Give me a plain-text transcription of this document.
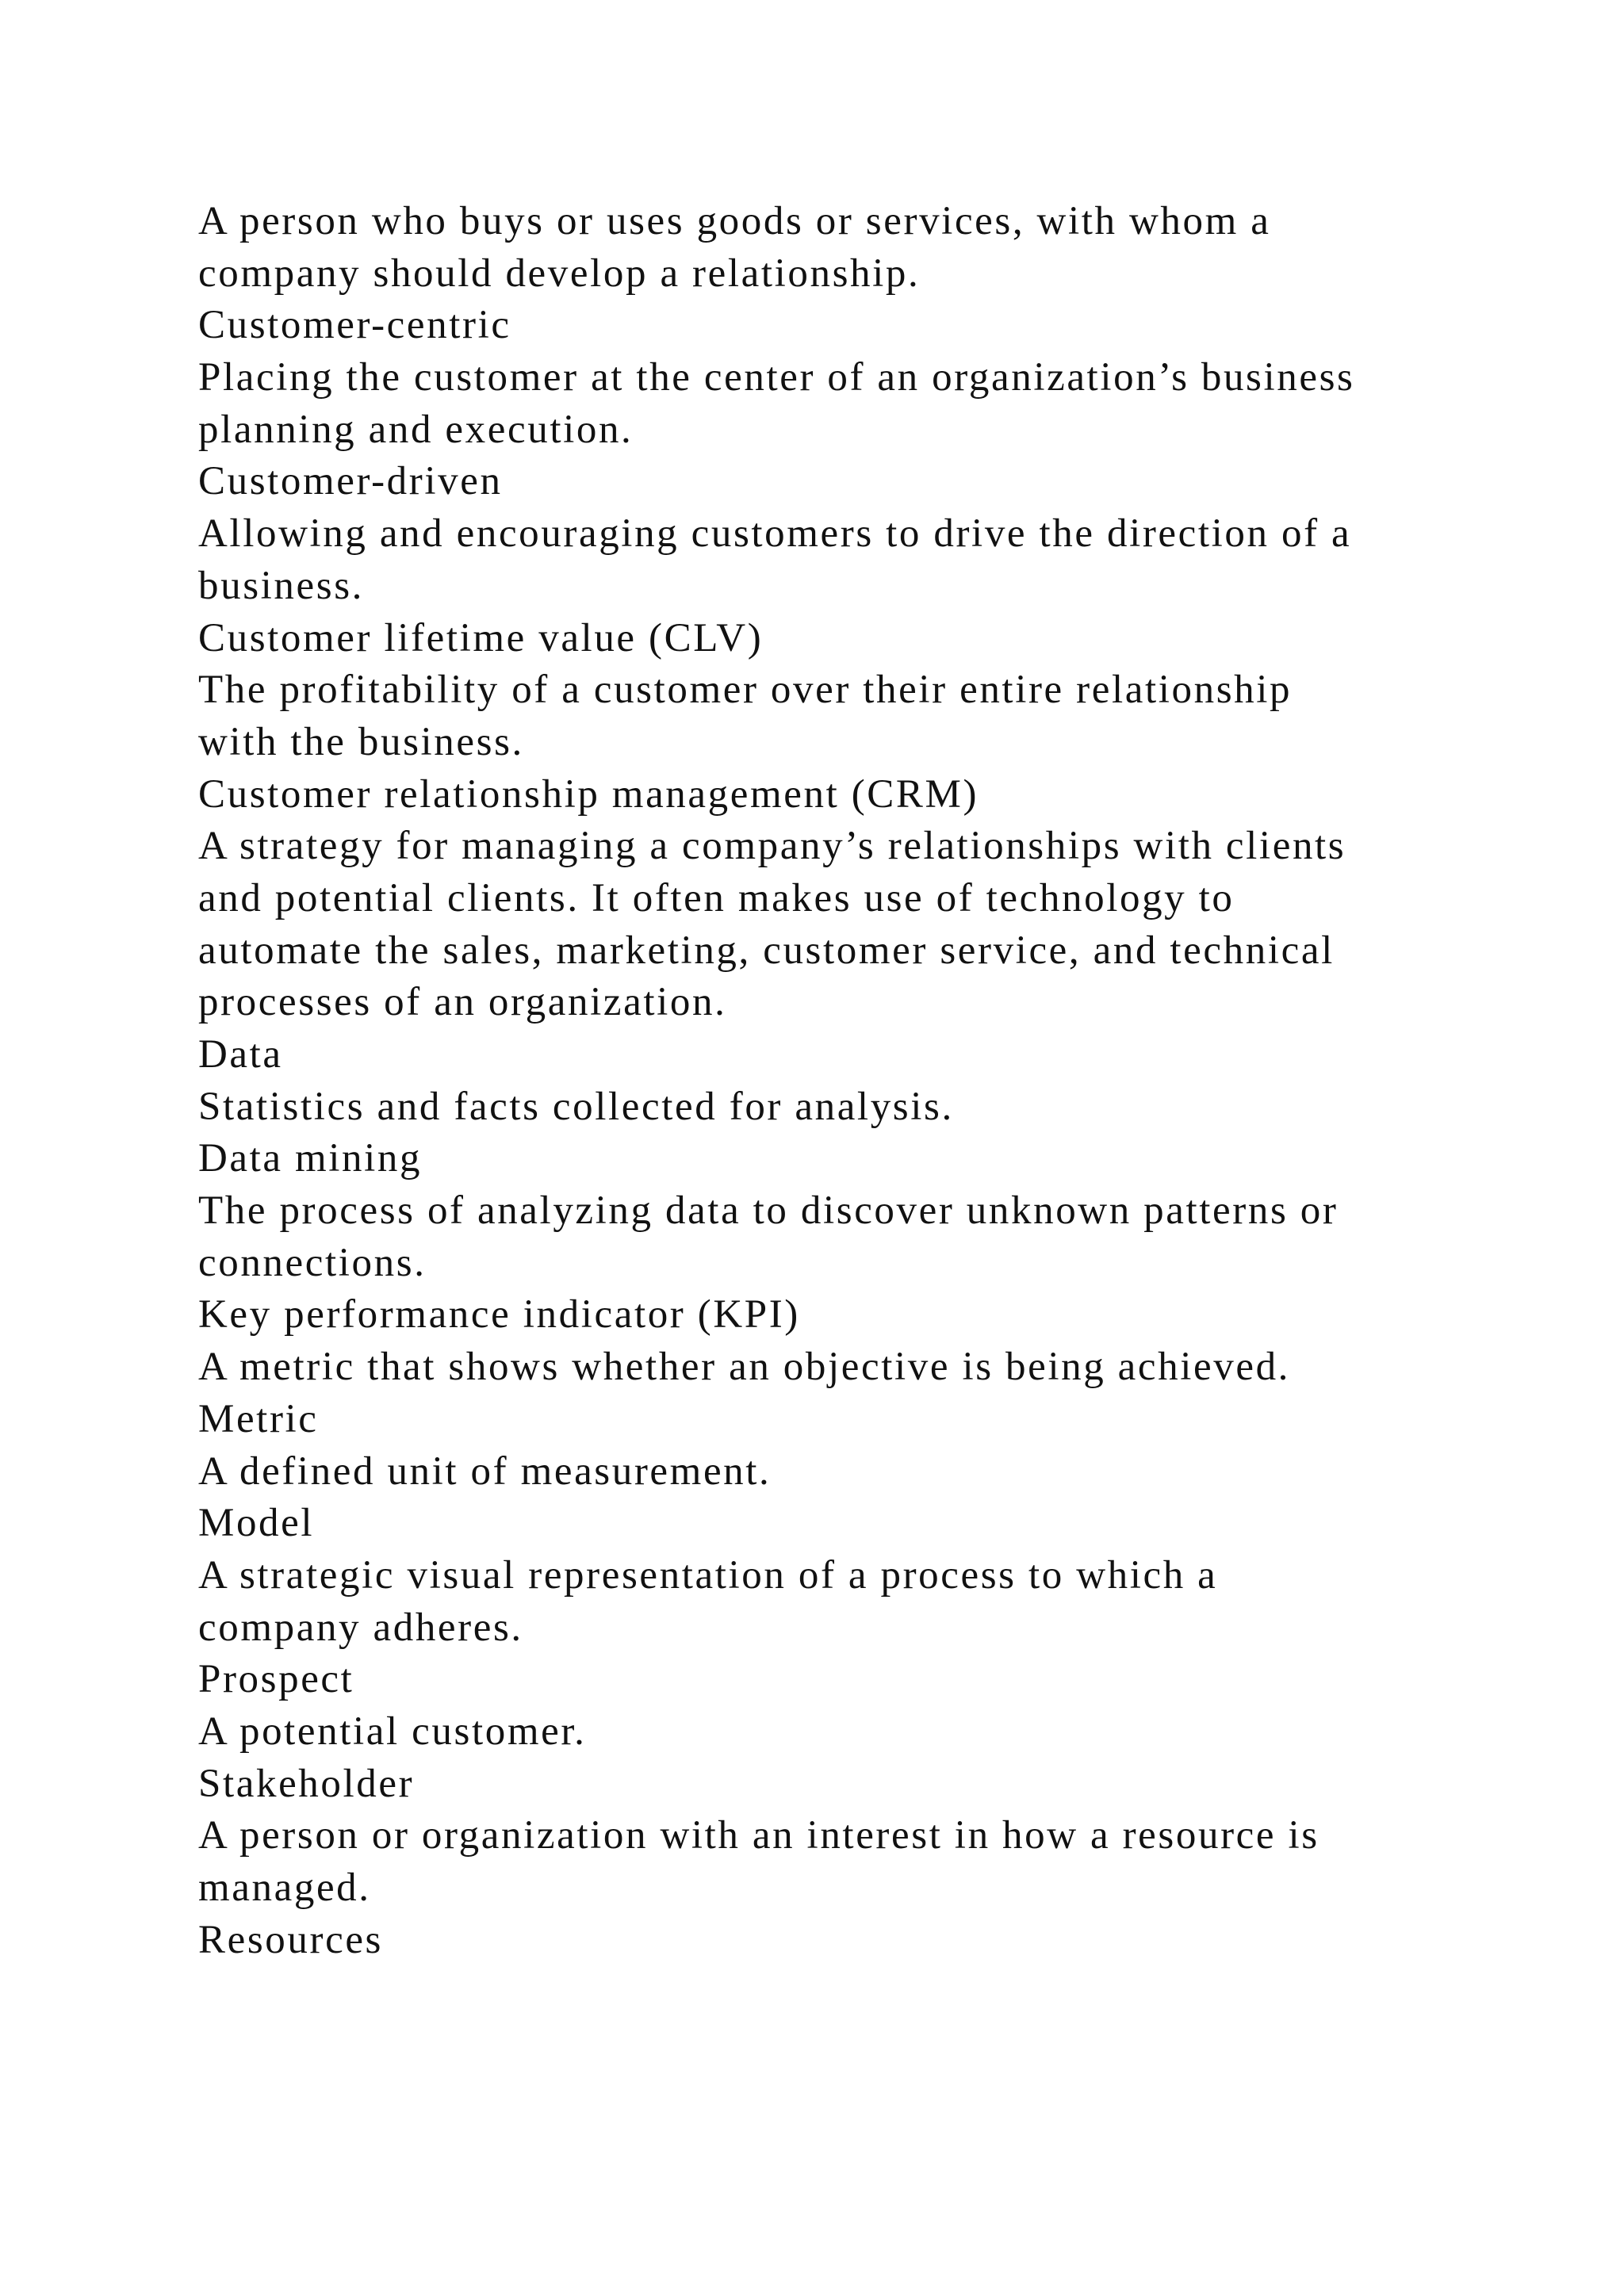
A person who buys or uses goods or services, with whom a
company should develop a relationship.
Customer-centric
Placing the customer at the center of an organization’s business
planning and execution.
Customer-driven
Allowing and encouraging customers to drive the direction of a
business.
Customer lifetime value (CLV)
The profitability of a customer over their entire relationship
with the business.
Customer relationship management (CRM)
A strategy for managing a company’s relationships with clients
and potential clients. It often makes use of technology to
automate the sales, marketing, customer service, and technical
processes of an organization.
Data
Statistics and facts collected for analysis.
Data mining
The process of analyzing data to discover unknown patterns or
connections.
Key performance indicator (KPI)
A metric that shows whether an objective is being achieved.
Metric
A defined unit of measurement.
Model
A strategic visual representation of a process to which a
company adheres.
Prospect
A potential customer.
Stakeholder
A person or organization with an interest in how a resource is
managed.
Resources
